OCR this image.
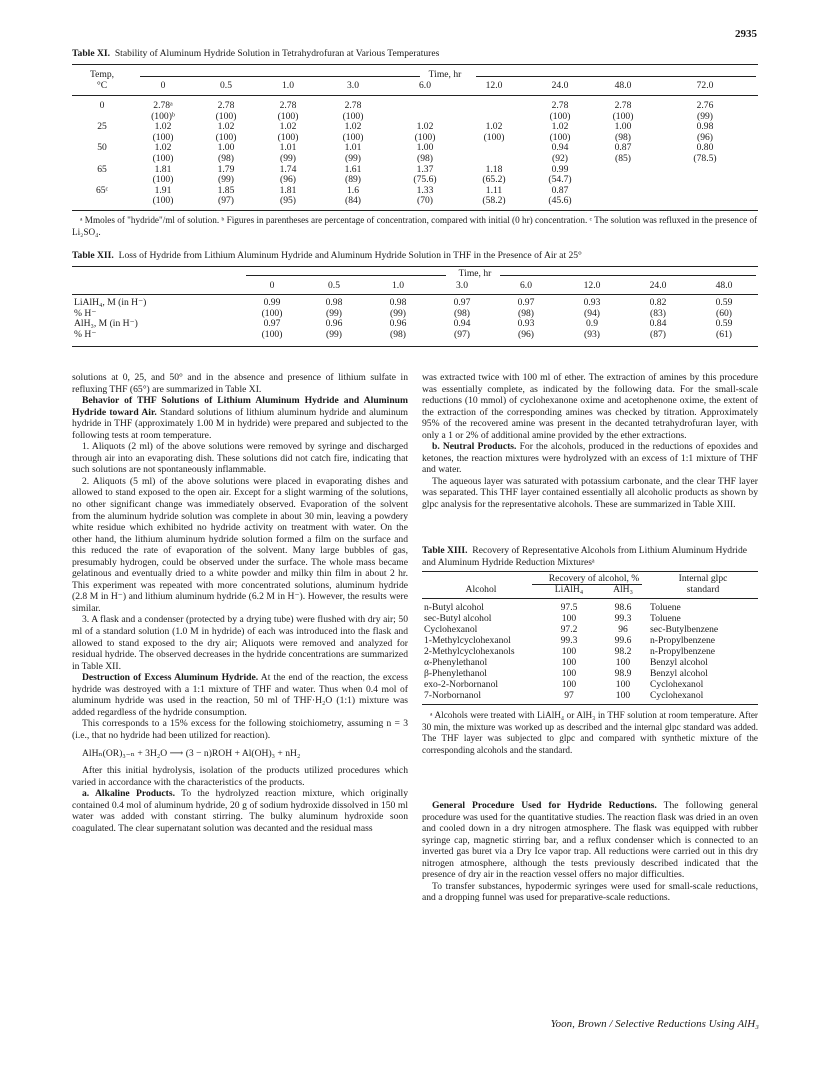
2935
Table XI. Stability of Aluminum Hydride Solution in Tetrahydrofuran at Various Temperatures
Temp,	Time, hr								
°C	0	0.5	1.0	3.0	6.0	12.0	24.0	48.0	72.0
0	2.78ᵃ	2.78	2.78	2.78			2.78	2.78	2.76
	(100)ᵇ	(100)	(100)	(100)			(100)	(100)	(99)
25	1.02	1.02	1.02	1.02	1.02	1.02	1.02	1.00	0.98
	(100)	(100)	(100)	(100)	(100)	(100)	(100)	(98)	(96)
50	1.02	1.00	1.01	1.01	1.00		0.94	0.87	0.80
	(100)	(98)	(99)	(99)	(98)		(92)	(85)	(78.5)
65	1.81	1.79	1.74	1.61	1.37	1.18	0.99		
	(100)	(99)	(96)	(89)	(75.6)	(65.2)	(54.7)		
65ᶜ	1.91	1.85	1.81	1.6	1.33	1.11	0.87		
	(100)	(97)	(95)	(84)	(70)	(58.2)	(45.6)		
ᵃ Mmoles of "hydride"/ml of solution. ᵇ Figures in parentheses are percentage of concentration, compared with initial (0 hr) concentration. ᶜ The solution was refluxed in the presence of Li₂SO₄.
Table XII. Loss of Hydride from Lithium Aluminum Hydride and Aluminum Hydride Solution in THF in the Presence of Air at 25°
Time, hr
	0	0.5	1.0	3.0	6.0	12.0	24.0	48.0
LiAlH₄, M (in H⁻)	0.99	0.98	0.98	0.97	0.97	0.93	0.82	0.59
% H⁻	(100)	(99)	(99)	(98)	(98)	(94)	(83)	(60)
AlH₃, M (in H⁻)	0.97	0.96	0.96	0.94	0.93	0.9	0.84	0.59
% H⁻	(100)	(99)	(98)	(97)	(96)	(93)	(87)	(61)

solutions at 0, 25, and 50° and in the absence and presence of lithium sulfate in refluxing THF (65°) are summarized in Table XI.

Behavior of THF Solutions of Lithium Aluminum Hydride and Aluminum Hydride toward Air. Standard solutions of lithium aluminum hydride and aluminum hydride in THF (approximately 1.00 M in hydride) were prepared and subjected to the following tests at room temperature.

1. Aliquots (2 ml) of the above solutions were removed by syringe and discharged through air into an evaporating dish. These solutions did not catch fire, indicating that such solutions are not spontaneously inflammable.

2. Aliquots (5 ml) of the above solutions were placed in evaporating dishes and allowed to stand exposed to the open air. Except for a slight warming of the solutions, no other significant change was immediately observed. Evaporation of the solvent from the aluminum hydride solution was complete in about 30 min, leaving a powdery white residue which exhibited no hydride activity on treatment with water. On the other hand, the lithium aluminum hydride solution formed a film on the surface and this reduced the rate of evaporation of the solvent. Many large bubbles of gas, presumably hydrogen, could be observed under the surface. The whole mass became gelatinous and eventually dried to a white powder and milky thin film in about 2 hr. This experiment was repeated with more concentrated solutions, aluminum hydride (2.8 M in H⁻) and lithium aluminum hydride (6.2 M in H⁻). However, the results were similar.

3. A flask and a condenser (protected by a drying tube) were flushed with dry air; 50 ml of a standard solution (1.0 M in hydride) of each was introduced into the flask and allowed to stand exposed to the dry air; Aliquots were removed and analyzed for residual hydride. The observed decreases in the hydride concentrations are summarized in Table XII.

Destruction of Excess Aluminum Hydride. At the end of the reaction, the excess hydride was destroyed with a 1:1 mixture of THF and water. Thus when 0.4 mol of aluminum hydride was used in the reaction, 50 ml of THF·H₂O (1:1) mixture was added regardless of the hydride consumption.

This corresponds to a 15% excess for the following stoichiometry, assuming n = 3 (i.e., that no hydride had been utilized for reaction).

AlHₙ(OR)₃₋ₙ + 3H₂O ⟶ (3 − n)ROH + Al(OH)₃ + nH₂

After this initial hydrolysis, isolation of the products utilized procedures which varied in accordance with the characteristics of the products.

a. Alkaline Products. To the hydrolyzed reaction mixture, which originally contained 0.4 mol of aluminum hydride, 20 g of sodium hydroxide dissolved in 150 ml water was added with constant stirring. The bulky aluminum hydroxide soon coagulated. The clear supernatant solution was decanted and the residual mass

was extracted twice with 100 ml of ether. The extraction of amines by this procedure was essentially complete, as indicated by the following data. For the small-scale reductions (10 mmol) of cyclohexanone oxime and acetophenone oxime, the extent of the extraction of the corresponding amines was checked by titration. Approximately 95% of the recovered amine was present in the decanted tetrahydrofuran layer, with only a 1 or 2% of additional amine provided by the ether extractions.

b. Neutral Products. For the alcohols, produced in the reductions of epoxides and ketones, the reaction mixtures were hydrolyzed with an excess of 1:1 mixture of THF and water.

The aqueous layer was saturated with potassium carbonate, and the clear THF layer was separated. This THF layer contained essentially all alcoholic products as shown by glpc analysis for the representative alcohols. These are summarized in Table XIII.

Table XIII. Recovery of Representative Alcohols from Lithium Aluminum Hydride and Aluminum Hydride Reduction Mixturesᵃ
	Recovery of alcohol, %		Internal glpc
Alcohol	LiAlH₄	AlH₃	standard
n-Butyl alcohol	97.5	98.6	Toluene
sec-Butyl alcohol	100	99.3	Toluene
Cyclohexanol	97.2	96	sec-Butylbenzene
1-Methylcyclohexanol	99.3	99.6	n-Propylbenzene
2-Methylcyclohexanols	100	98.2	n-Propylbenzene
α-Phenylethanol	100	100	Benzyl alcohol
β-Phenylethanol	100	98.9	Benzyl alcohol
exo-2-Norbornanol	100	100	Cyclohexanol
7-Norbornanol	97	100	Cyclohexanol
ᵃ Alcohols were treated with LiAlH₄ or AlH₃ in THF solution at room temperature. After 30 min, the mixture was worked up as described and the internal glpc standard was added. The THF layer was subjected to glpc and compared with synthetic mixture of the corresponding alcohols and the standard.

General Procedure Used for Hydride Reductions. The following general procedure was used for the quantitative studies. The reaction flask was dried in an oven and cooled down in a dry nitrogen atmosphere. The flask was equipped with rubber syringe cap, magnetic stirring bar, and a reflux condenser which is connected to an inverted gas buret via a Dry Ice vapor trap. All reductions were carried out in this dry nitrogen atmosphere, although the tests previously described indicated that the presence of dry air in the reaction vessel offers no major difficulties.

To transfer substances, hypodermic syringes were used for small-scale reductions, and a dropping funnel was used for preparative-scale reductions.

Yoon, Brown / Selective Reductions Using AlH₃
